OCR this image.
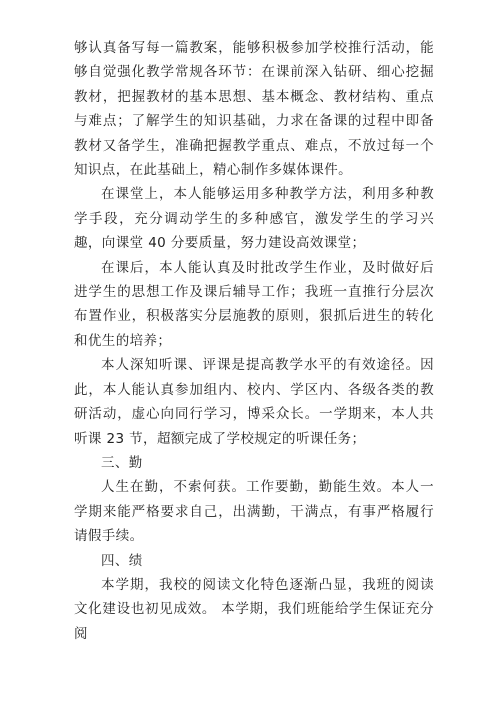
够认真备写每一篇教案，能够积极参加学校推行活动，能够自觉强化教学常规各环节：在课前深入钻研、细心挖掘教材，把握教材的基本思想、基本概念、教材结构、重点与难点；了解学生的知识基础，力求在备课的过程中即备教材又备学生，准确把握教学重点、难点，不放过每一个知识点，在此基础上，精心制作多媒体课件。

在课堂上，本人能够运用多种教学方法，利用多种教学手段，充分调动学生的多种感官，激发学生的学习兴趣，向课堂 40 分要质量，努力建设高效课堂；

在课后，本人能认真及时批改学生作业，及时做好后进学生的思想工作及课后辅导工作；我班一直推行分层次布置作业，积极落实分层施教的原则，狠抓后进生的转化和优生的培养；

本人深知听课、评课是提高教学水平的有效途径。因此，本人能认真参加组内、校内、学区内、各级各类的教研活动，虚心向同行学习，博采众长。一学期来，本人共听课 23 节，超额完成了学校规定的听课任务；

三、勤

人生在勤，不索何获。工作要勤，勤能生效。本人一学期来能严格要求自己，出满勤，干满点，有事严格履行请假手续。

四、绩

本学期，我校的阅读文化特色逐渐凸显，我班的阅读文化建设也初见成效。 本学期，我们班能给学生保证充分阅
